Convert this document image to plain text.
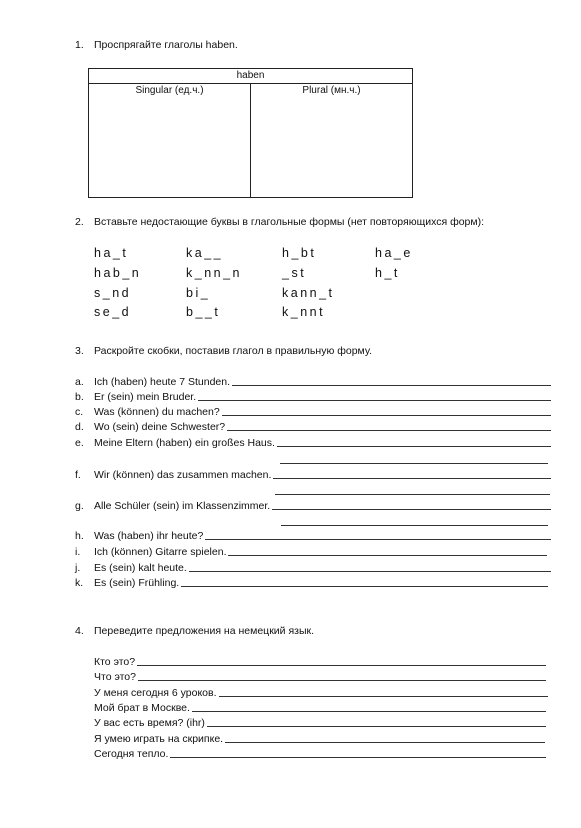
1. Проспрягайте глаголы haben.
haben
Singular (ед.ч.)	Plural (мн.ч.)
2. Вставьте недостающие буквы в глагольные формы (нет повторяющихся форм):
ha_t	ka__	h_bt	ha_e
hab_n	k_nn_n	_st	h_t
s_nd	bi_	kann_t
se_d	b__t	k_nnt
3. Раскройте скобки, поставив глагол в правильную форму.
a. Ich (haben) heute 7 Stunden.
b. Er (sein) mein Bruder.
c. Was (können) du machen?
d. Wo (sein) deine Schwester?
e. Meine Eltern (haben) ein großes Haus.
f. Wir (können) das zusammen machen.
g. Alle Schüler (sein) im Klassenzimmer.
h. Was (haben) ihr heute?
i. Ich (können) Gitarre spielen.
j. Es (sein) kalt heute.
k. Es (sein) Frühling.
4. Переведите предложения на немецкий язык.
Кто это?
Что это?
У меня сегодня 6 уроков.
Мой брат в Москве.
У вас есть время? (ihr)
Я умею играть на скрипке.
Сегодня тепло.
